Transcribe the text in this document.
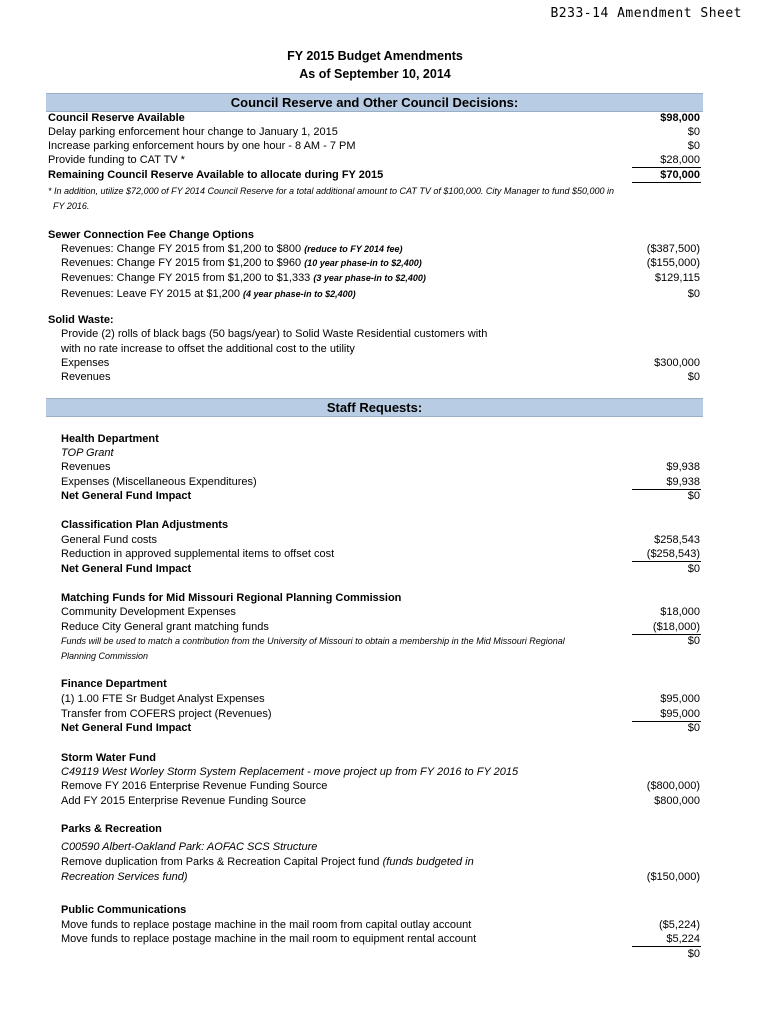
B233-14 Amendment Sheet
FY 2015 Budget Amendments
As of September 10, 2014
Council Reserve and Other Council Decisions:
Council Reserve Available	$98,000
Delay parking enforcement hour change to January 1, 2015	$0
Increase parking enforcement hours by one hour - 8 AM - 7 PM	$0
Provide funding to CAT TV *	$28,000
Remaining Council Reserve Available to allocate during FY 2015	$70,000
* In addition, utilize $72,000 of FY 2014 Council Reserve for a total additional amount to CAT TV of $100,000. City Manager to fund $50,000 in
FY 2016.
Sewer Connection Fee Change Options
Revenues: Change FY 2015 from $1,200 to $800 (reduce to FY 2014 fee)	($387,500)
Revenues: Change FY 2015 from $1,200 to $960 (10 year phase-in to $2,400)	($155,000)
Revenues: Change FY 2015 from $1,200 to $1,333 (3 year phase-in to $2,400)	$129,115
Revenues: Leave FY 2015 at $1,200 (4 year phase-in to $2,400)	$0
Solid Waste:
Provide (2) rolls of black bags (50 bags/year) to Solid Waste Residential customers with
with no rate increase to offset the additional cost to the utility
Expenses	$300,000
Revenues	$0
Staff Requests:
Health Department
TOP Grant
Revenues	$9,938
Expenses (Miscellaneous Expenditures)	$9,938
Net General Fund Impact	$0
Classification Plan Adjustments
General Fund costs	$258,543
Reduction in approved supplemental items to offset cost	($258,543)
Net General Fund Impact	$0
Matching Funds for Mid Missouri Regional Planning Commission
Community Development Expenses	$18,000
Reduce City General grant matching funds	($18,000)
Funds will be used to match a contribution from the University of Missouri to obtain a membership in the Mid Missouri Regional	$0
Planning Commission
Finance Department
(1) 1.00 FTE Sr Budget Analyst Expenses	$95,000
Transfer from COFERS project (Revenues)	$95,000
Net General Fund Impact	$0
Storm Water Fund
C49119 West Worley Storm System Replacement - move project up from FY 2016 to FY 2015
Remove FY 2016 Enterprise Revenue Funding Source	($800,000)
Add FY 2015 Enterprise Revenue Funding Source	$800,000
Parks & Recreation
C00590 Albert-Oakland Park: AOFAC SCS Structure
Remove duplication from Parks & Recreation Capital Project fund (funds budgeted in
Recreation Services fund)	($150,000)
Public Communications
Move funds to replace postage machine in the mail room from capital outlay account	($5,224)
Move funds to replace postage machine in the mail room to equipment rental account	$5,224
$0
